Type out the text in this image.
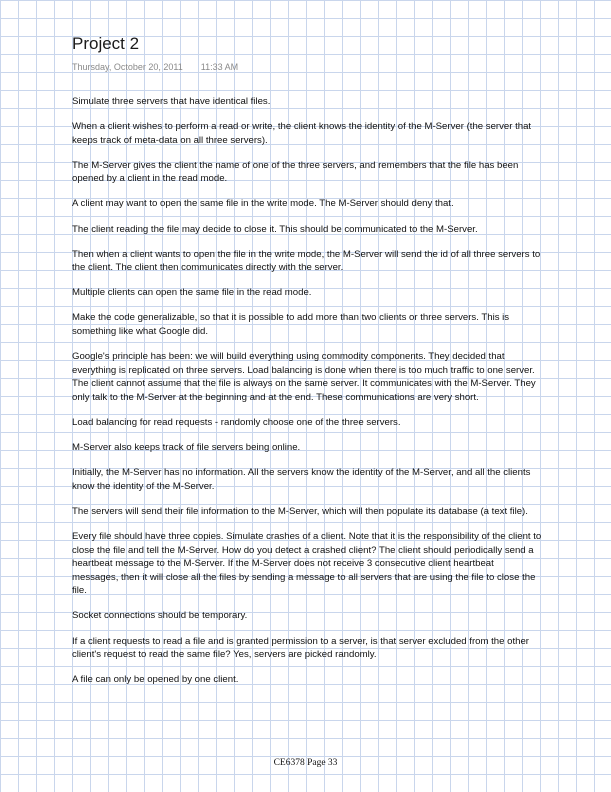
Project 2
Thursday, October 20, 2011 11:33 AM

Simulate three servers that have identical files.

When a client wishes to perform a read or write, the client knows the identity of the M-Server (the server that keeps track of meta-data on all three servers).

The M-Server gives the client the name of one of the three servers, and remembers that the file has been opened by a client in the read mode.

A client may want to open the same file in the write mode. The M-Server should deny that.

The client reading the file may decide to close it. This should be communicated to the M-Server.

Then when a client wants to open the file in the write mode, the M-Server will send the id of all three servers to the client. The client then communicates directly with the server.

Multiple clients can open the same file in the read mode.

Make the code generalizable, so that it is possible to add more than two clients or three servers. This is something like what Google did.

Google's principle has been: we will build everything using commodity components. They decided that everything is replicated on three servers. Load balancing is done when there is too much traffic to one server. The client cannot assume that the file is always on the same server. It communicates with the M-Server. They only talk to the M-Server at the beginning and at the end. These communications are very short.

Load balancing for read requests - randomly choose one of the three servers.

M-Server also keeps track of file servers being online.

Initially, the M-Server has no information. All the servers know the identity of the M-Server, and all the clients know the identity of the M-Server.

The servers will send their file information to the M-Server, which will then populate its database (a text file).

Every file should have three copies. Simulate crashes of a client. Note that it is the responsibility of the client to close the file and tell the M-Server. How do you detect a crashed client? The client should periodically send a heartbeat message to the M-Server. If the M-Server does not receive 3 consecutive client heartbeat messages, then it will close all the files by sending a message to all servers that are using the file to close the file.

Socket connections should be temporary.

If a client requests to read a file and is granted permission to a server, is that server excluded from the other client's request to read the same file? Yes, servers are picked randomly.

A file can only be opened by one client.

CE6378 Page 33
